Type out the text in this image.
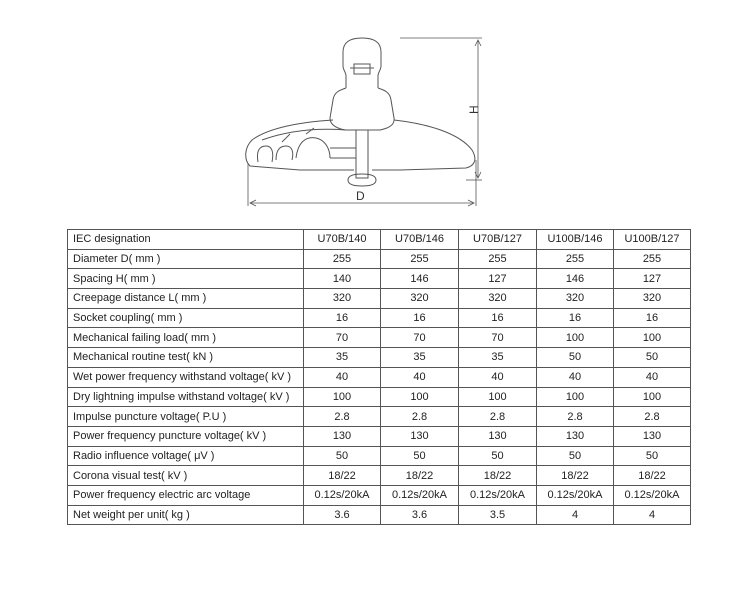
H
D
IEC designation	U70B/140	U70B/146	U70B/127	U100B/146	U100B/127
Diameter D( mm )	255	255	255	255	255
Spacing H( mm )	140	146	127	146	127
Creepage distance L( mm )	320	320	320	320	320
Socket coupling( mm )	16	16	16	16	16
Mechanical failing load( mm )	70	70	70	100	100
Mechanical routine test( kN )	35	35	35	50	50
Wet power frequency withstand voltage( kV )	40	40	40	40	40
Dry lightning impulse withstand voltage( kV )	100	100	100	100	100
Impulse puncture voltage( P.U )	2.8	2.8	2.8	2.8	2.8
Power frequency puncture voltage( kV )	130	130	130	130	130
Radio influence voltage( μV )	50	50	50	50	50
Corona visual test( kV )	18/22	18/22	18/22	18/22	18/22
Power frequency electric arc voltage	0.12s/20kA	0.12s/20kA	0.12s/20kA	0.12s/20kA	0.12s/20kA
Net weight per unit( kg )	3.6	3.6	3.5	4	4
